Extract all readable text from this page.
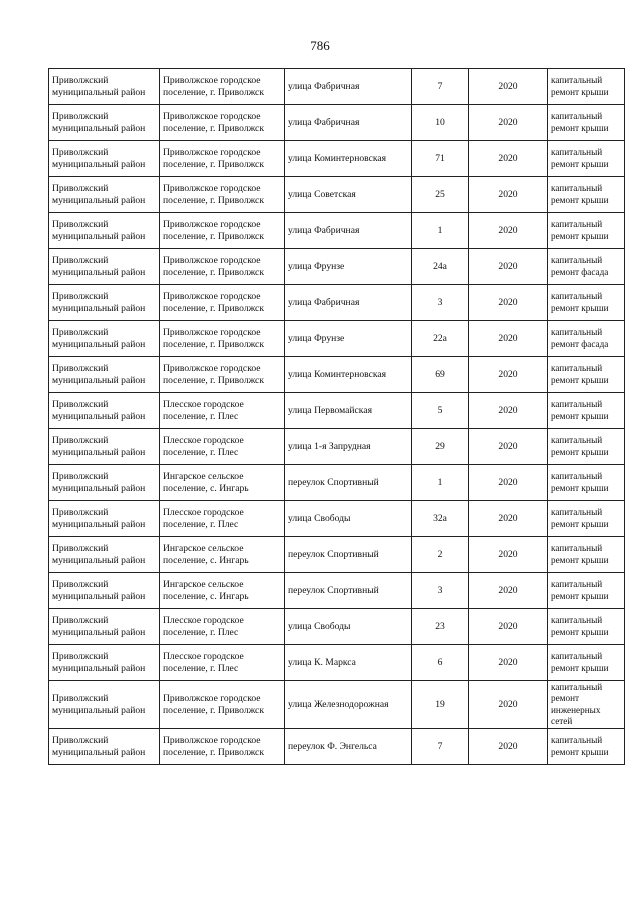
786
Приволжский муниципальный район	Приволжское городское поселение, г. Приволжск	улица Фабричная	7	2020	капитальный ремонт крыши
Приволжский муниципальный район	Приволжское городское поселение, г. Приволжск	улица Фабричная	10	2020	капитальный ремонт крыши
Приволжский муниципальный район	Приволжское городское поселение, г. Приволжск	улица Коминтерновская	71	2020	капитальный ремонт крыши
Приволжский муниципальный район	Приволжское городское поселение, г. Приволжск	улица Советская	25	2020	капитальный ремонт крыши
Приволжский муниципальный район	Приволжское городское поселение, г. Приволжск	улица Фабричная	1	2020	капитальный ремонт крыши
Приволжский муниципальный район	Приволжское городское поселение, г. Приволжск	улица Фрунзе	24а	2020	капитальный ремонт фасада
Приволжский муниципальный район	Приволжское городское поселение, г. Приволжск	улица Фабричная	3	2020	капитальный ремонт крыши
Приволжский муниципальный район	Приволжское городское поселение, г. Приволжск	улица Фрунзе	22а	2020	капитальный ремонт фасада
Приволжский муниципальный район	Приволжское городское поселение, г. Приволжск	улица Коминтерновская	69	2020	капитальный ремонт крыши
Приволжский муниципальный район	Плесское городское поселение, г. Плес	улица Первомайская	5	2020	капитальный ремонт крыши
Приволжский муниципальный район	Плесское городское поселение, г. Плес	улица 1-я Запрудная	29	2020	капитальный ремонт крыши
Приволжский муниципальный район	Ингарское сельское поселение, с. Ингарь	переулок Спортивный	1	2020	капитальный ремонт крыши
Приволжский муниципальный район	Плесское городское поселение, г. Плес	улица Свободы	32а	2020	капитальный ремонт крыши
Приволжский муниципальный район	Ингарское сельское поселение, с. Ингарь	переулок Спортивный	2	2020	капитальный ремонт крыши
Приволжский муниципальный район	Ингарское сельское поселение, с. Ингарь	переулок Спортивный	3	2020	капитальный ремонт крыши
Приволжский муниципальный район	Плесское городское поселение, г. Плес	улица Свободы	23	2020	капитальный ремонт крыши
Приволжский муниципальный район	Плесское городское поселение, г. Плес	улица К. Маркса	6	2020	капитальный ремонт крыши
Приволжский муниципальный район	Приволжское городское поселение, г. Приволжск	улица Железнодорожная	19	2020	капитальный ремонт инженерных сетей
Приволжский муниципальный район	Приволжское городское поселение, г. Приволжск	переулок Ф. Энгельса	7	2020	капитальный ремонт крыши
